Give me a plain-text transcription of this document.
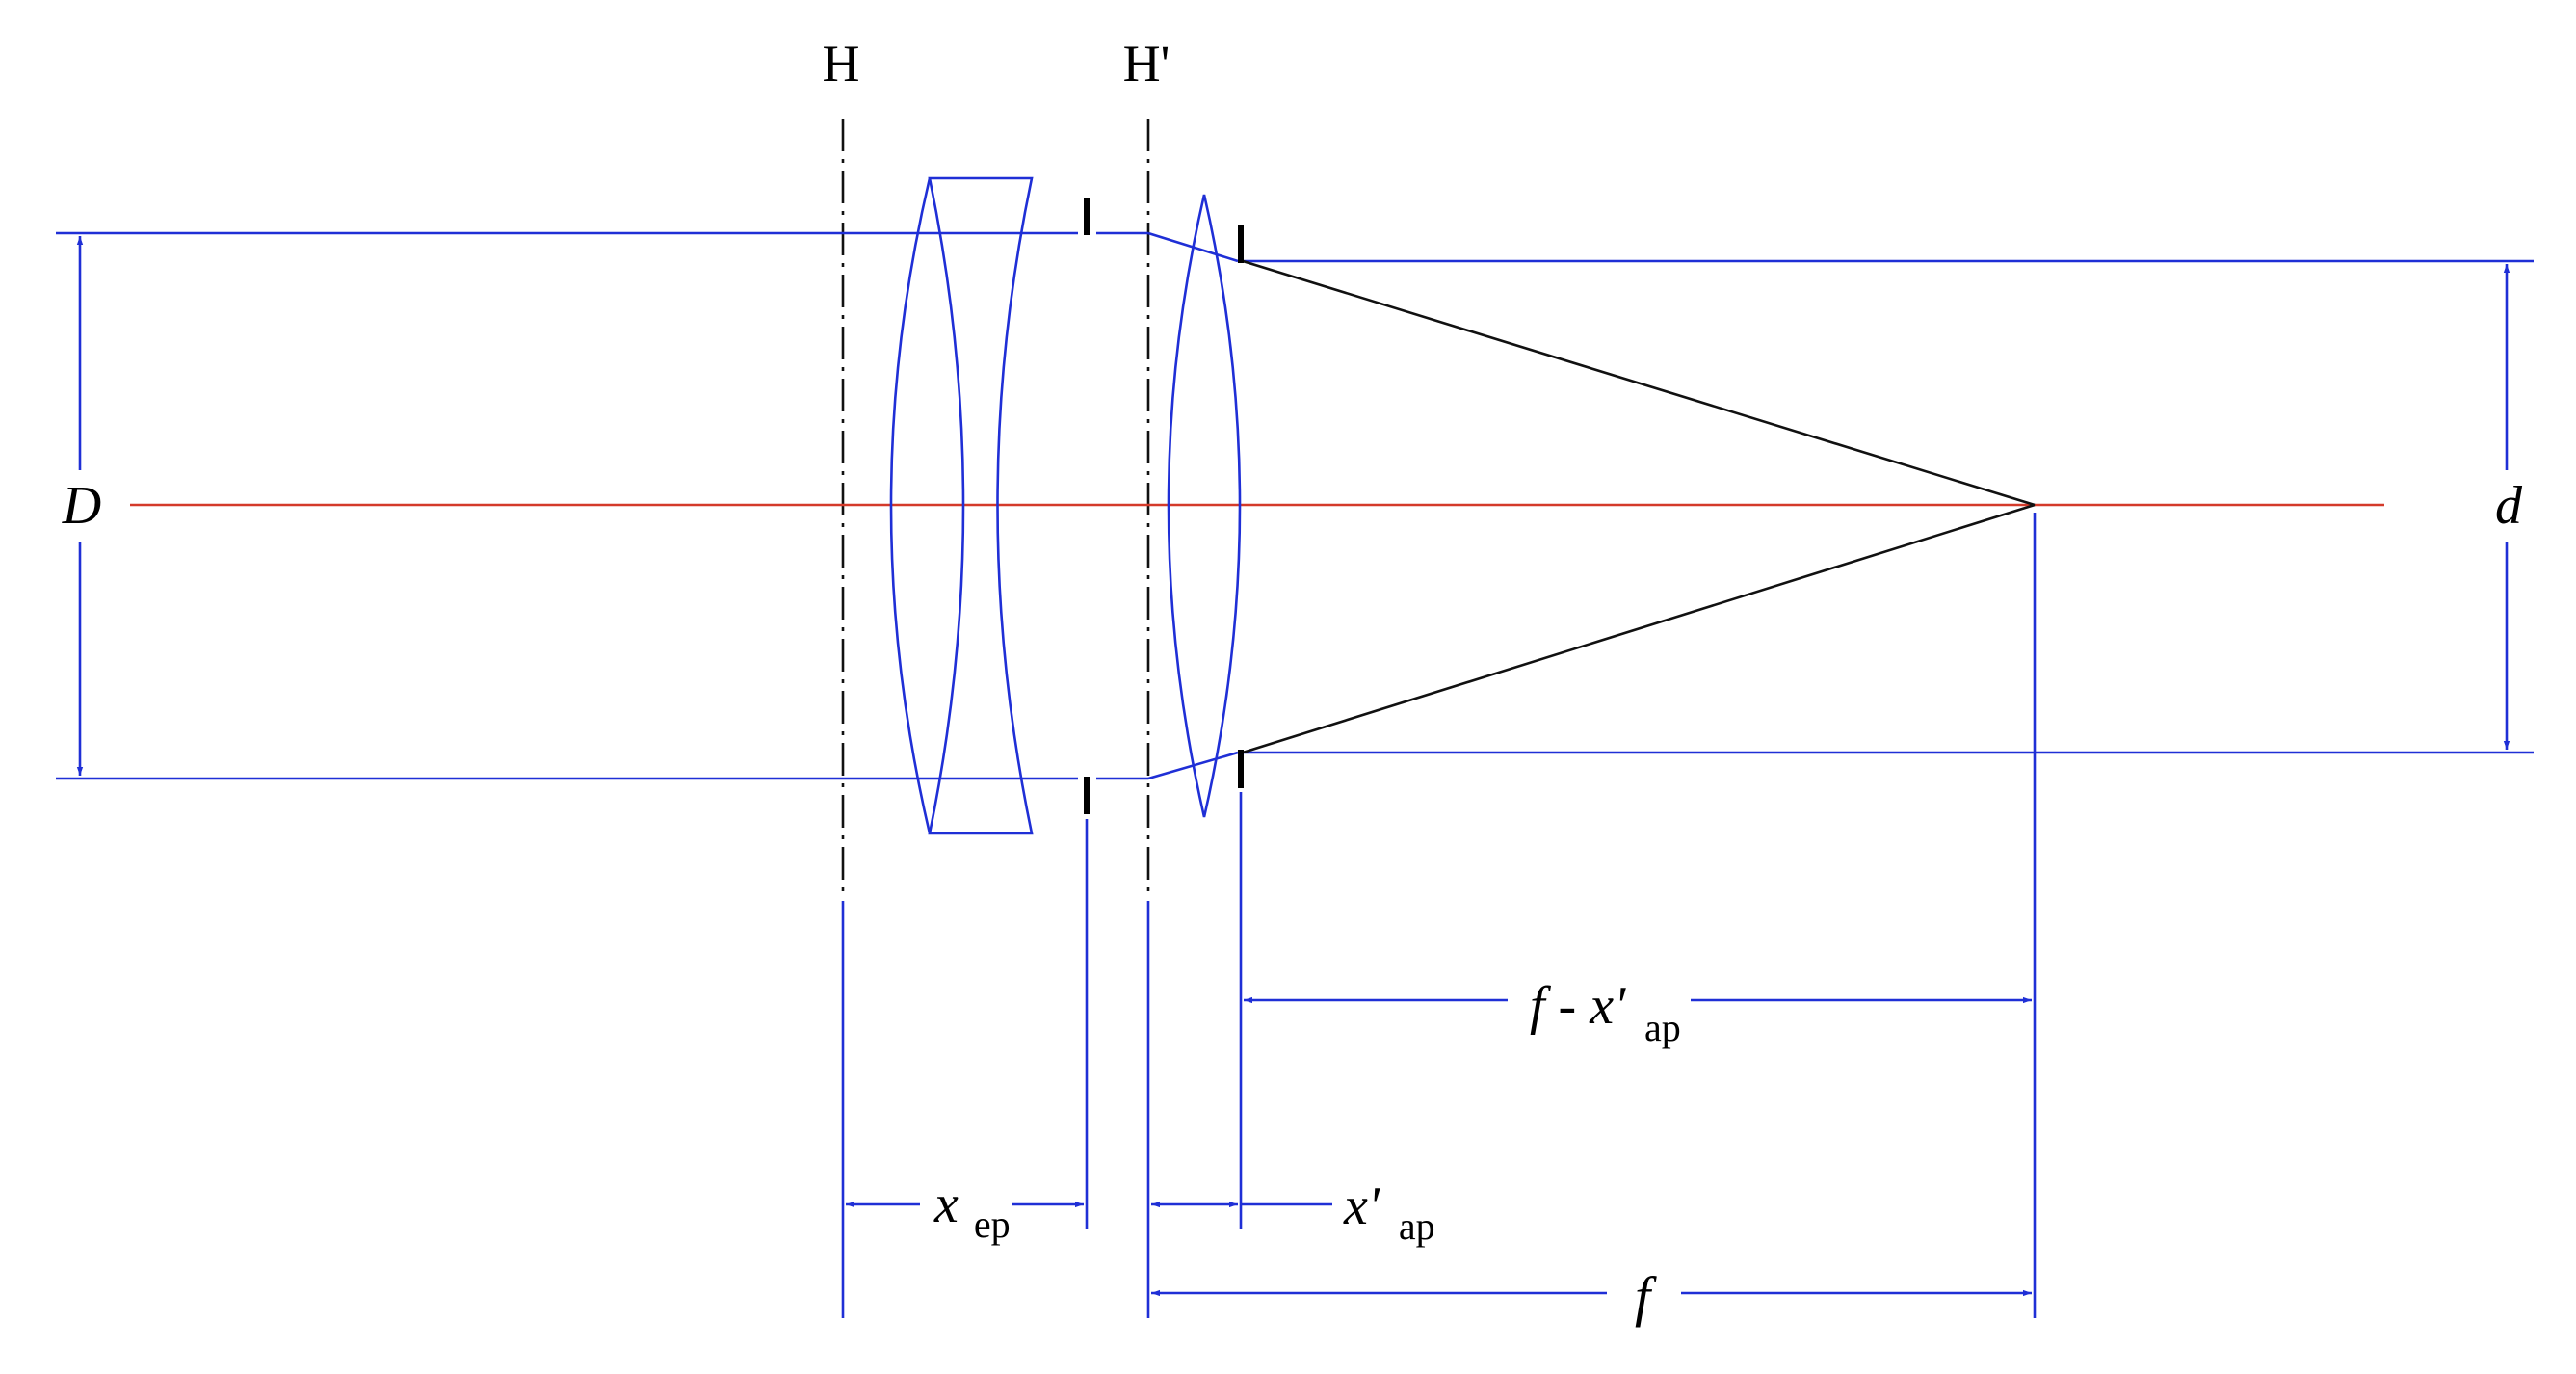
H	H'
D	d
f - x' $_{ap}$
x $_{ep}$	x' $_{ap}$
f
